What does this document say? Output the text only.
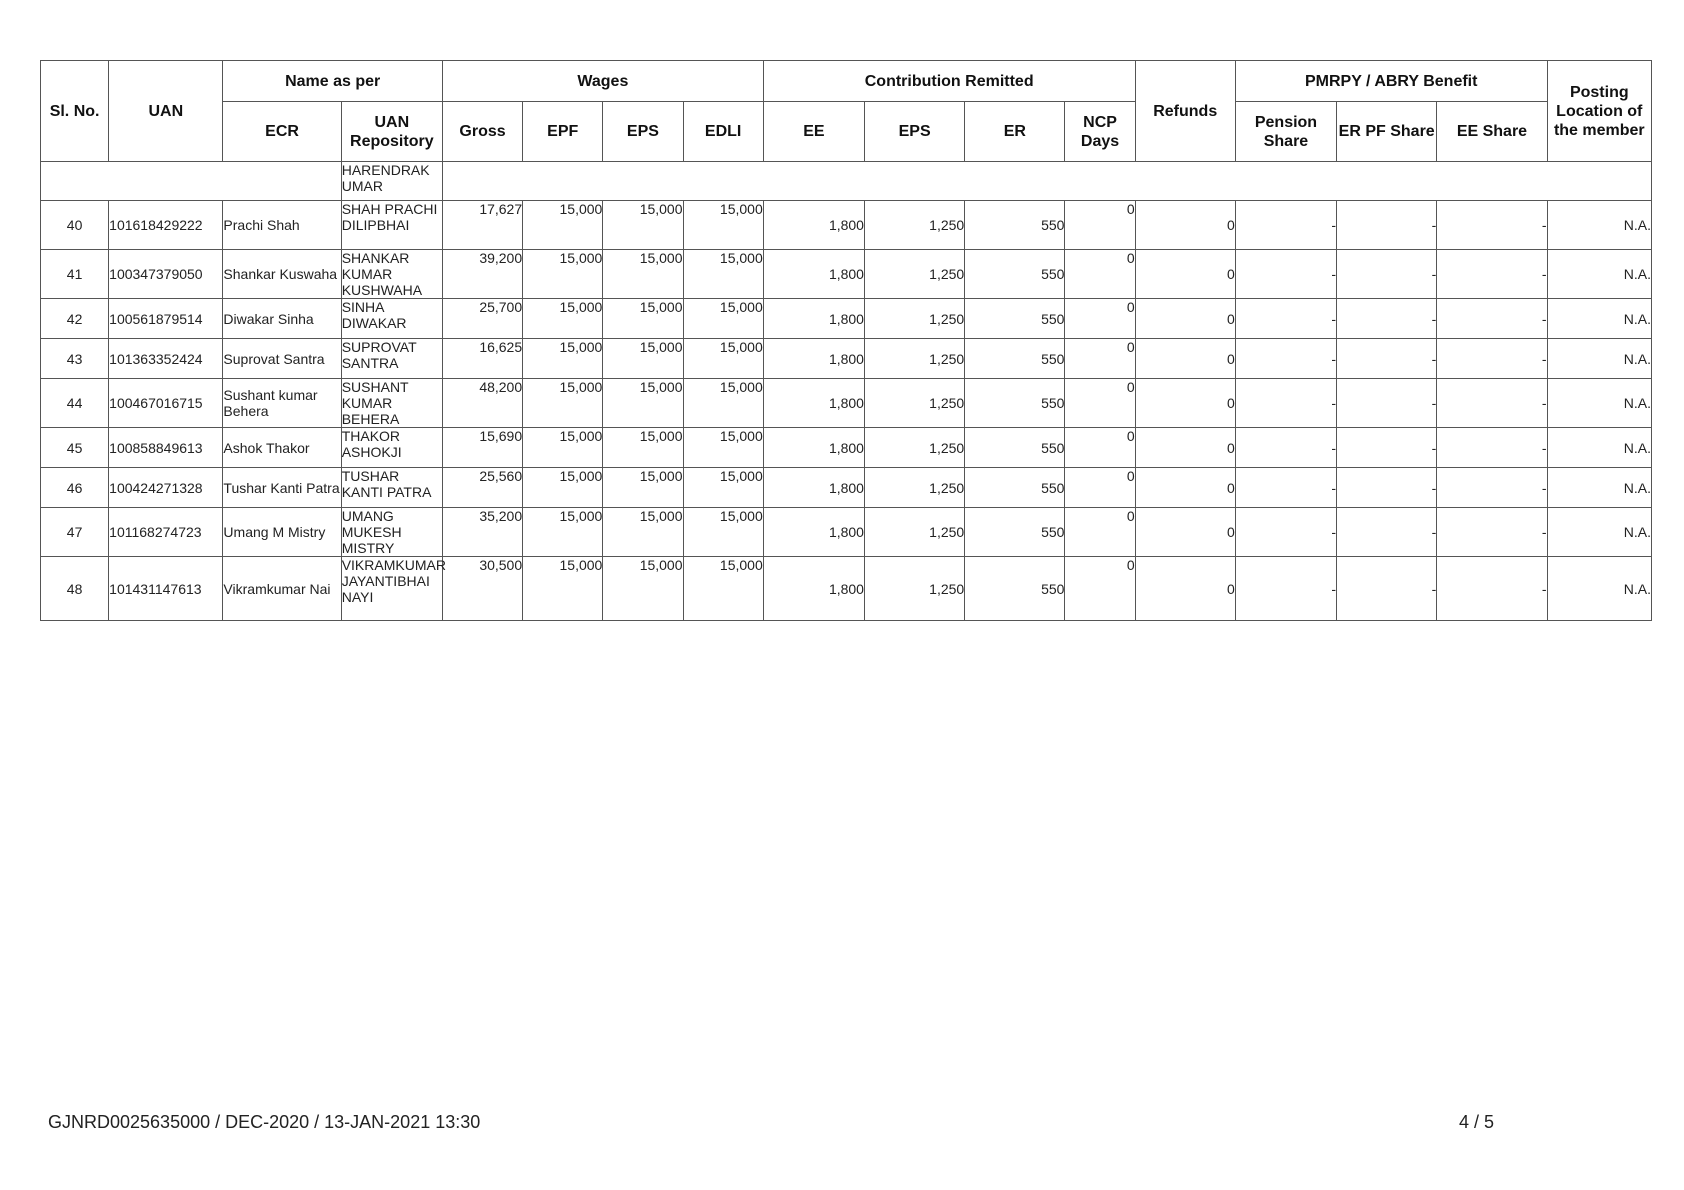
Sl. No.	UAN	Name as per		Wages				Contribution Remitted				Refunds	PMRPY / ABRY Benefit			Posting Location of the member
		ECR	UAN Repository	Gross	EPF	EPS	EDLI	EE	EPS	ER	NCP Days		Pension Share	ER PF Share	EE Share	
			HARENDRAK UMAR													
40	101618429222	Prachi Shah	SHAH PRACHI DILIPBHAI	17,627	15,000	15,000	15,000	1,800	1,250	550	0	0	-	-	-	N.A.
41	100347379050	Shankar Kuswaha	SHANKAR KUMAR KUSHWAHA	39,200	15,000	15,000	15,000	1,800	1,250	550	0	0	-	-	-	N.A.
42	100561879514	Diwakar Sinha	SINHA DIWAKAR	25,700	15,000	15,000	15,000	1,800	1,250	550	0	0	-	-	-	N.A.
43	101363352424	Suprovat Santra	SUPROVAT SANTRA	16,625	15,000	15,000	15,000	1,800	1,250	550	0	0	-	-	-	N.A.
44	100467016715	Sushant kumar Behera	SUSHANT KUMAR BEHERA	48,200	15,000	15,000	15,000	1,800	1,250	550	0	0	-	-	-	N.A.
45	100858849613	Ashok Thakor	THAKOR ASHOKJI	15,690	15,000	15,000	15,000	1,800	1,250	550	0	0	-	-	-	N.A.
46	100424271328	Tushar Kanti Patra	TUSHAR KANTI PATRA	25,560	15,000	15,000	15,000	1,800	1,250	550	0	0	-	-	-	N.A.
47	101168274723	Umang M Mistry	UMANG MUKESH MISTRY	35,200	15,000	15,000	15,000	1,800	1,250	550	0	0	-	-	-	N.A.
48	101431147613	Vikramkumar Nai	VIKRAMKUMAR JAYANTIBHAI NAYI	30,500	15,000	15,000	15,000	1,800	1,250	550	0	0	-	-	-	N.A.
GJNRD0025635000 / DEC-2020 / 13-JAN-2021 13:30	4 / 5
